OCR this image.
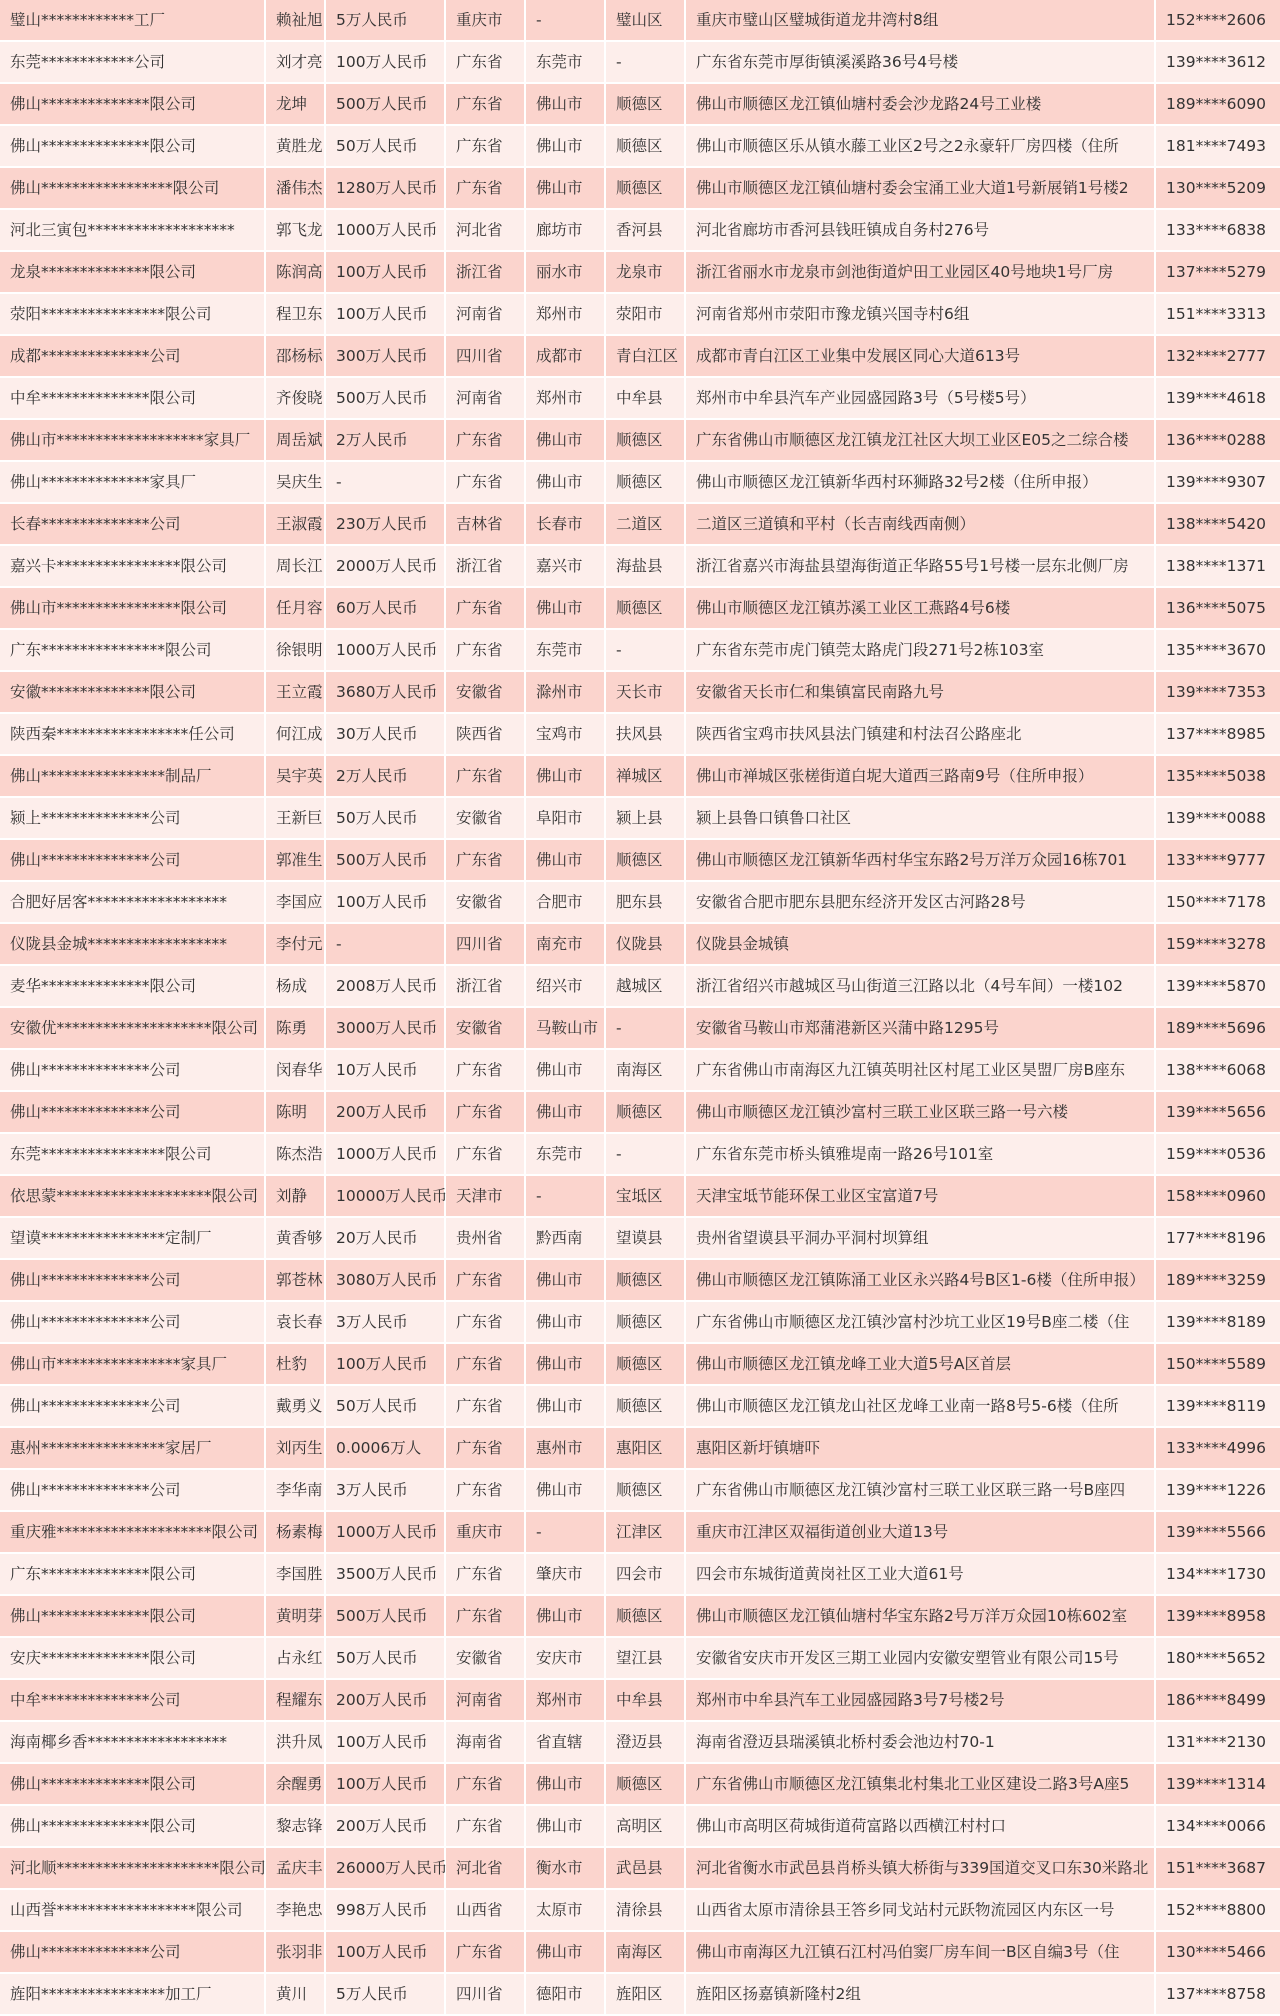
璧山************工厂	赖祉旭	5万人民币	重庆市	-	璧山区	重庆市璧山区璧城街道龙井湾村8组	152****2606
东莞************公司	刘才亮	100万人民币	广东省	东莞市	-	广东省东莞市厚街镇溪溪路36号4号楼	139****3612
佛山**************限公司	龙坤	500万人民币	广东省	佛山市	顺德区	佛山市顺德区龙江镇仙塘村委会沙龙路24号工业楼	189****6090
佛山**************限公司	黄胜龙	50万人民币	广东省	佛山市	顺德区	佛山市顺德区乐从镇水藤工业区2号之2永豪轩厂房四楼（住所	181****7493
佛山*****************限公司	潘伟杰	1280万人民币	广东省	佛山市	顺德区	佛山市顺德区龙江镇仙塘村委会宝涌工业大道1号新展销1号楼2	130****5209
河北三寅包*******************	郭飞龙	1000万人民币	河北省	廊坊市	香河县	河北省廊坊市香河县钱旺镇成自务村276号	133****6838
龙泉**************限公司	陈润高	100万人民币	浙江省	丽水市	龙泉市	浙江省丽水市龙泉市剑池街道炉田工业园区40号地块1号厂房	137****5279
荥阳****************限公司	程卫东	100万人民币	河南省	郑州市	荥阳市	河南省郑州市荥阳市豫龙镇兴国寺村6组	151****3313
成都**************公司	邵杨标	300万人民币	四川省	成都市	青白江区	成都市青白江区工业集中发展区同心大道613号	132****2777
中牟**************限公司	齐俊晓	500万人民币	河南省	郑州市	中牟县	郑州市中牟县汽车产业园盛园路3号（5号楼5号）	139****4618
佛山市*******************家具厂	周岳斌	2万人民币	广东省	佛山市	顺德区	广东省佛山市顺德区龙江镇龙江社区大坝工业区E05之二综合楼	136****0288
佛山**************家具厂	吴庆生	-	广东省	佛山市	顺德区	佛山市顺德区龙江镇新华西村环狮路32号2楼（住所申报）	139****9307
长春**************公司	王淑霞	230万人民币	吉林省	长春市	二道区	二道区三道镇和平村（长吉南线西南侧）	138****5420
嘉兴卡****************限公司	周长江	2000万人民币	浙江省	嘉兴市	海盐县	浙江省嘉兴市海盐县望海街道正华路55号1号楼一层东北侧厂房	138****1371
佛山市****************限公司	任月容	60万人民币	广东省	佛山市	顺德区	佛山市顺德区龙江镇苏溪工业区工燕路4号6楼	136****5075
广东****************限公司	徐银明	1000万人民币	广东省	东莞市	-	广东省东莞市虎门镇莞太路虎门段271号2栋103室	135****3670
安徽**************限公司	王立霞	3680万人民币	安徽省	滁州市	天长市	安徽省天长市仁和集镇富民南路九号	139****7353
陕西秦*****************任公司	何江成	30万人民币	陕西省	宝鸡市	扶风县	陕西省宝鸡市扶风县法门镇建和村法召公路座北	137****8985
佛山****************制品厂	吴宇英	2万人民币	广东省	佛山市	禅城区	佛山市禅城区张槎街道白坭大道西三路南9号（住所申报）	135****5038
颍上**************公司	王新巨	50万人民币	安徽省	阜阳市	颍上县	颍上县鲁口镇鲁口社区	139****0088
佛山**************公司	郭准生	500万人民币	广东省	佛山市	顺德区	佛山市顺德区龙江镇新华西村华宝东路2号万洋万众园16栋701	133****9777
合肥好居客******************	李国应	100万人民币	安徽省	合肥市	肥东县	安徽省合肥市肥东县肥东经济开发区古河路28号	150****7178
仪陇县金城******************	李付元	-	四川省	南充市	仪陇县	仪陇县金城镇	159****3278
麦华**************限公司	杨成	2008万人民币	浙江省	绍兴市	越城区	浙江省绍兴市越城区马山街道三江路以北（4号车间）一楼102	139****5870
安徽优********************限公司	陈勇	3000万人民币	安徽省	马鞍山市	-	安徽省马鞍山市郑蒲港新区兴蒲中路1295号	189****5696
佛山**************公司	闵春华	10万人民币	广东省	佛山市	南海区	广东省佛山市南海区九江镇英明社区村尾工业区昊盟厂房B座东	138****6068
佛山**************公司	陈明	200万人民币	广东省	佛山市	顺德区	佛山市顺德区龙江镇沙富村三联工业区联三路一号六楼	139****5656
东莞****************限公司	陈杰浩	1000万人民币	广东省	东莞市	-	广东省东莞市桥头镇雅堤南一路26号101室	159****0536
依思蒙********************限公司	刘静	10000万人民币	天津市	-	宝坻区	天津宝坻节能环保工业区宝富道7号	158****0960
望谟****************定制厂	黄香够	20万人民币	贵州省	黔西南	望谟县	贵州省望谟县平洞办平洞村坝算组	177****8196
佛山**************公司	郭苍林	3080万人民币	广东省	佛山市	顺德区	佛山市顺德区龙江镇陈涌工业区永兴路4号B区1-6楼（住所申报）	189****3259
佛山**************公司	袁长春	3万人民币	广东省	佛山市	顺德区	广东省佛山市顺德区龙江镇沙富村沙坑工业区19号B座二楼（住	139****8189
佛山市****************家具厂	杜豹	100万人民币	广东省	佛山市	顺德区	佛山市顺德区龙江镇龙峰工业大道5号A区首层	150****5589
佛山**************公司	戴勇义	50万人民币	广东省	佛山市	顺德区	佛山市顺德区龙江镇龙山社区龙峰工业南一路8号5-6楼（住所	139****8119
惠州****************家居厂	刘丙生	0.0006万人	广东省	惠州市	惠阳区	惠阳区新圩镇塘吓	133****4996
佛山**************公司	李华南	3万人民币	广东省	佛山市	顺德区	广东省佛山市顺德区龙江镇沙富村三联工业区联三路一号B座四	139****1226
重庆雅********************限公司	杨素梅	1000万人民币	重庆市	-	江津区	重庆市江津区双福街道创业大道13号	139****5566
广东**************限公司	李国胜	3500万人民币	广东省	肇庆市	四会市	四会市东城街道黄岗社区工业大道61号	134****1730
佛山**************限公司	黄明芽	500万人民币	广东省	佛山市	顺德区	佛山市顺德区龙江镇仙塘村华宝东路2号万洋万众园10栋602室	139****8958
安庆**************限公司	占永红	50万人民币	安徽省	安庆市	望江县	安徽省安庆市开发区三期工业园内安徽安塑管业有限公司15号	180****5652
中牟**************公司	程耀东	200万人民币	河南省	郑州市	中牟县	郑州市中牟县汽车工业园盛园路3号7号楼2号	186****8499
海南椰乡香******************	洪升凤	100万人民币	海南省	省直辖	澄迈县	海南省澄迈县瑞溪镇北桥村委会池边村70-1	131****2130
佛山**************限公司	余醒勇	100万人民币	广东省	佛山市	顺德区	广东省佛山市顺德区龙江镇集北村集北工业区建设二路3号A座5	139****1314
佛山**************限公司	黎志锋	200万人民币	广东省	佛山市	高明区	佛山市高明区荷城街道荷富路以西横江村村口	134****0066
河北顺*********************限公司	孟庆丰	26000万人民币	河北省	衡水市	武邑县	河北省衡水市武邑县肖桥头镇大桥街与339国道交叉口东30米路北	151****3687
山西誉******************限公司	李艳忠	998万人民币	山西省	太原市	清徐县	山西省太原市清徐县王答乡同戈站村元跃物流园区内东区一号	152****8800
佛山**************公司	张羽非	100万人民币	广东省	佛山市	南海区	佛山市南海区九江镇石江村冯伯窦厂房车间一B区自编3号（住	130****5466
旌阳****************加工厂	黄川	5万人民币	四川省	德阳市	旌阳区	旌阳区扬嘉镇新隆村2组	137****8758
